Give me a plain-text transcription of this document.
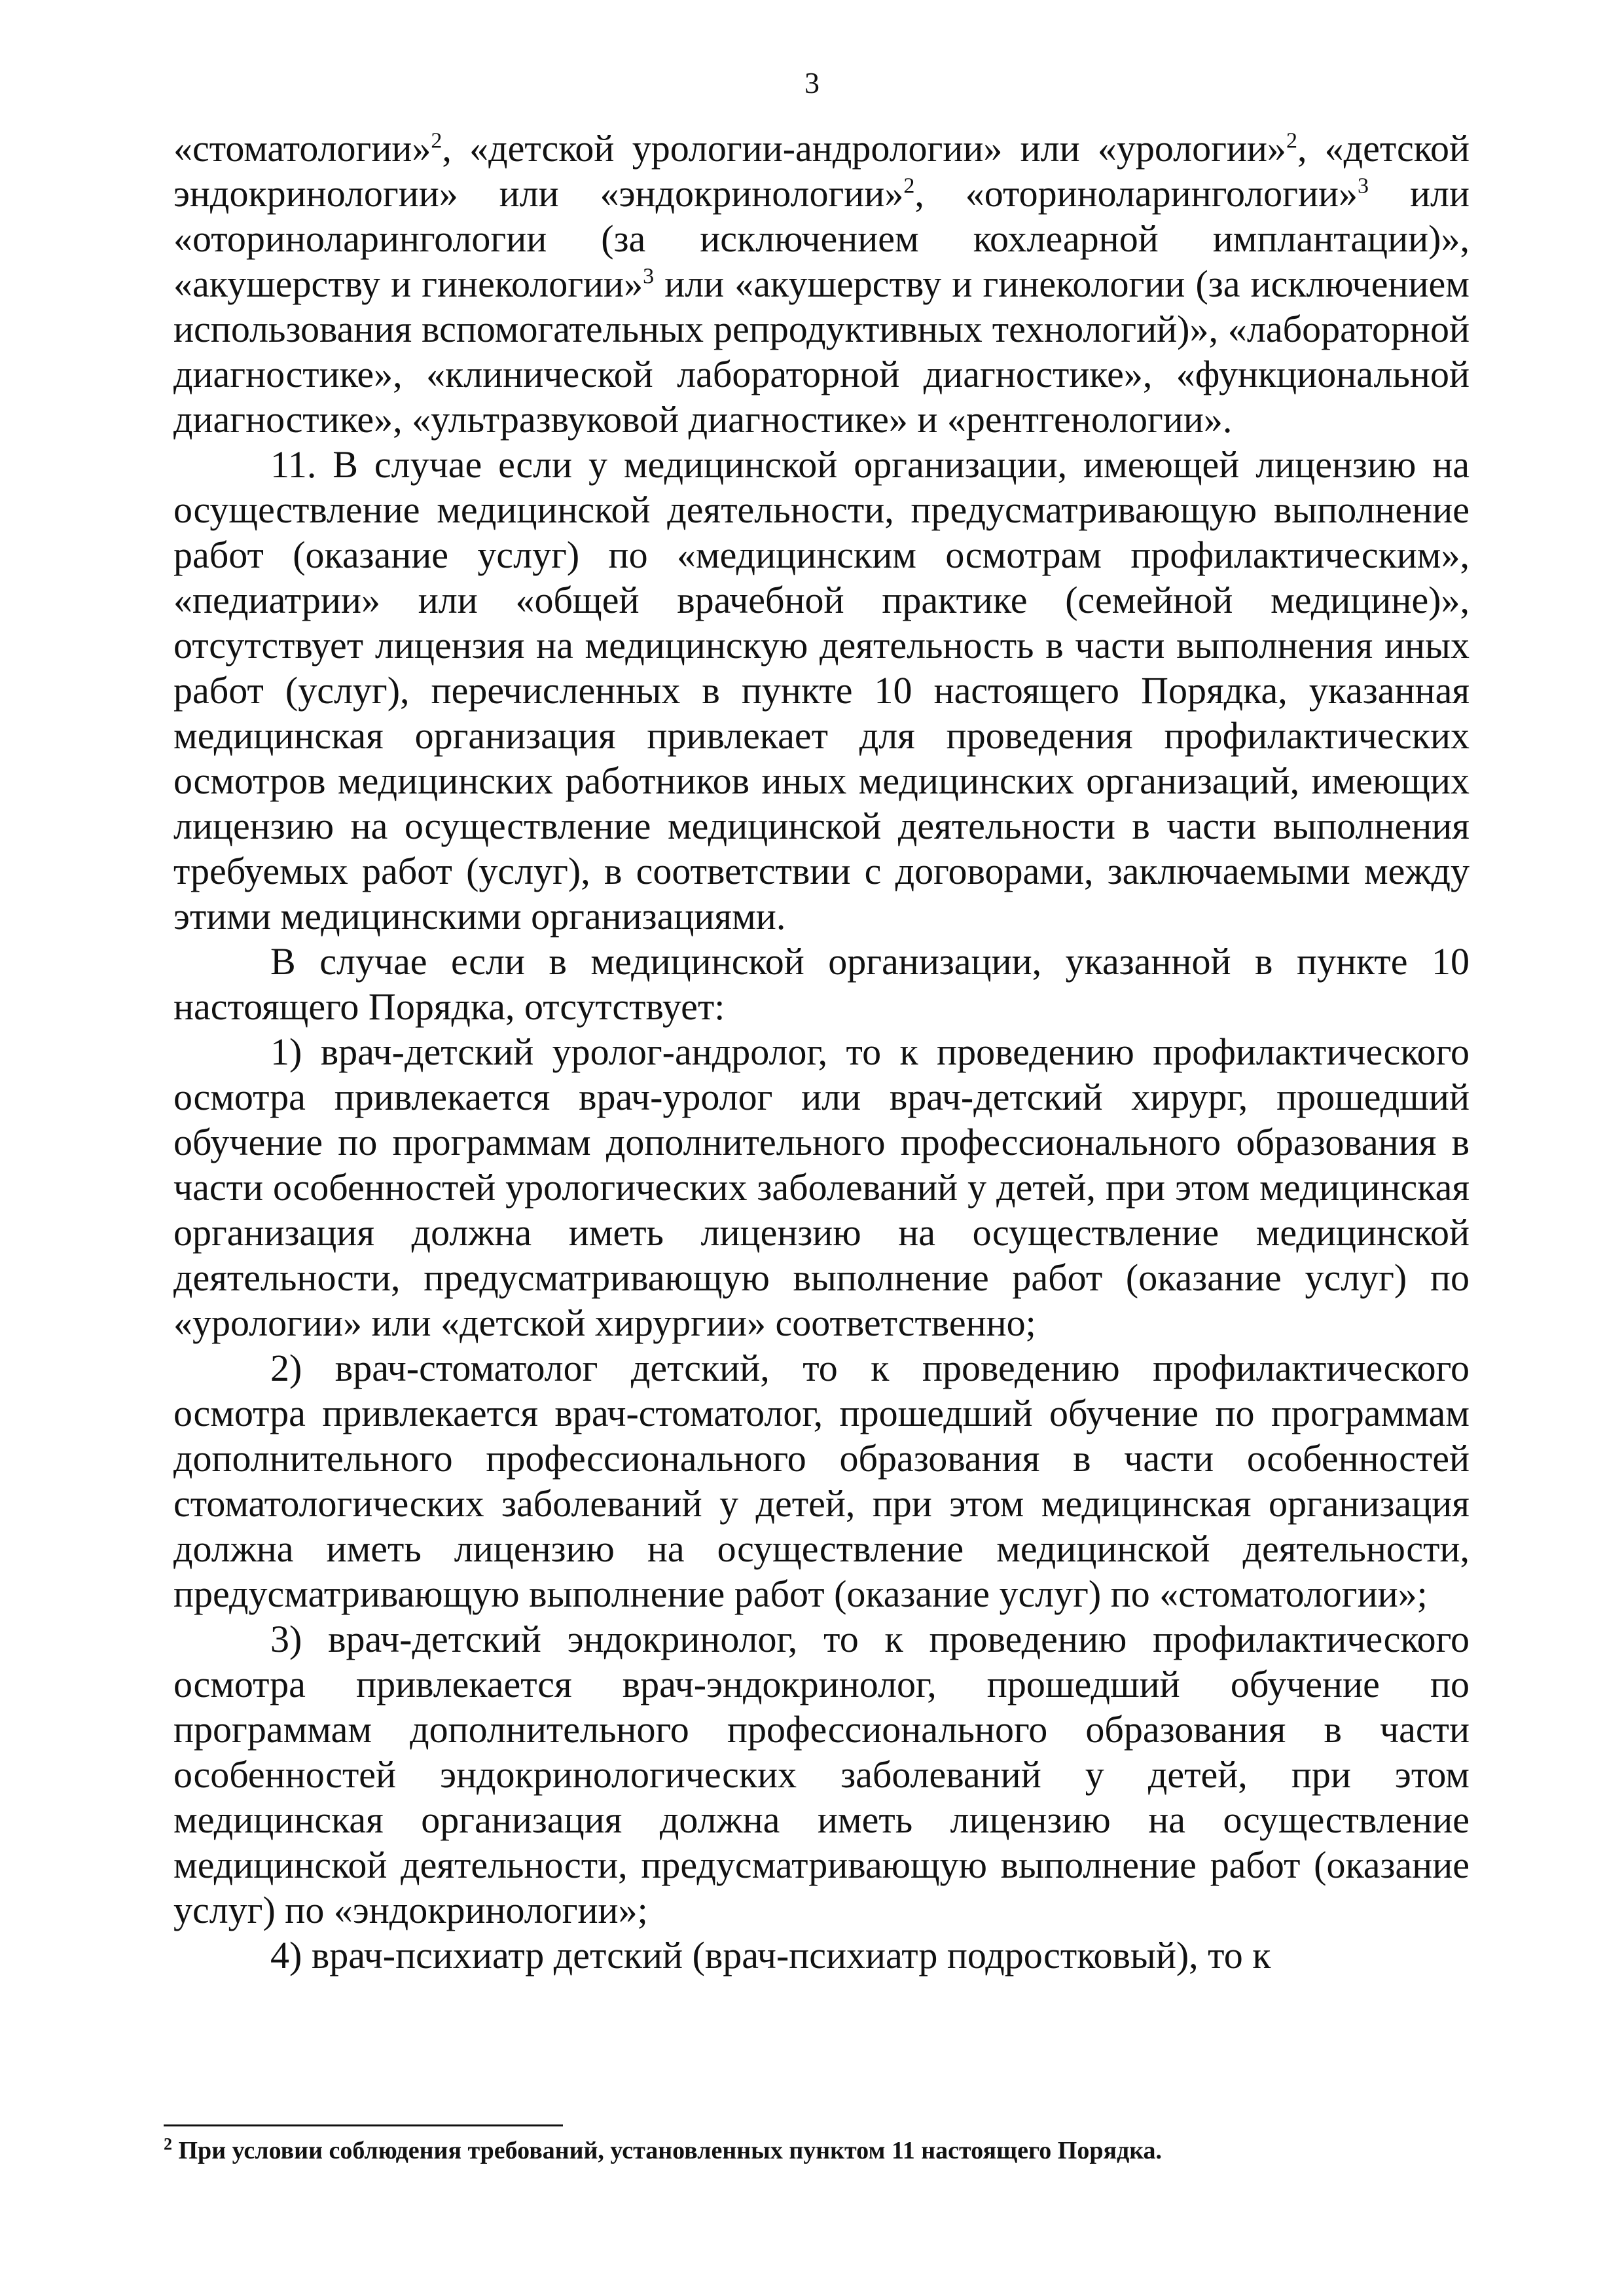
3

«стоматологии»$^2$, «детской урологии-андрологии» или «урологии»$^2$, «детской эндокринологии» или «эндокринологии»$^2$, «оториноларингологии»$^3$ или «оториноларингологии (за исключением кохлеарной имплантации)», «акушерству и гинекологии»$^3$ или «акушерству и гинекологии (за исключением использования вспомогательных репродуктивных технологий)», «лабораторной диагностике», «клинической лабораторной диагностике», «функциональной диагностике», «ультразвуковой диагностике» и «рентгенологии».

11. В случае если у медицинской организации, имеющей лицензию на осуществление медицинской деятельности, предусматривающую выполнение работ (оказание услуг) по «медицинским осмотрам профилактическим», «педиатрии» или «общей врачебной практике (семейной медицине)», отсутствует лицензия на медицинскую деятельность в части выполнения иных работ (услуг), перечисленных в пункте 10 настоящего Порядка, указанная медицинская организация привлекает для проведения профилактических осмотров медицинских работников иных медицинских организаций, имеющих лицензию на осуществление медицинской деятельности в части выполнения требуемых работ (услуг), в соответствии с договорами, заключаемыми между этими медицинскими организациями.

В случае если в медицинской организации, указанной в пункте 10 настоящего Порядка, отсутствует:

1) врач-детский уролог-андролог, то к проведению профилактического осмотра привлекается врач-уролог или врач-детский хирург, прошедший обучение по программам дополнительного профессионального образования в части особенностей урологических заболеваний у детей, при этом медицинская организация должна иметь лицензию на осуществление медицинской деятельности, предусматривающую выполнение работ (оказание услуг) по «урологии» или «детской хирургии» соответственно;

2) врач-стоматолог детский, то к проведению профилактического осмотра привлекается врач-стоматолог, прошедший обучение по программам дополнительного профессионального образования в части особенностей стоматологических заболеваний у детей, при этом медицинская организация должна иметь лицензию на осуществление медицинской деятельности, предусматривающую выполнение работ (оказание услуг) по «стоматологии»;

3) врач-детский эндокринолог, то к проведению профилактического осмотра привлекается врач-эндокринолог, прошедший обучение по программам дополнительного профессионального образования в части особенностей эндокринологических заболеваний у детей, при этом медицинская организация должна иметь лицензию на осуществление медицинской деятельности, предусматривающую выполнение работ (оказание услуг) по «эндокринологии»;

4) врач-психиатр детский (врач-психиатр подростковый), то к

$^2$ При условии соблюдения требований, установленных пунктом 11 настоящего Порядка.
